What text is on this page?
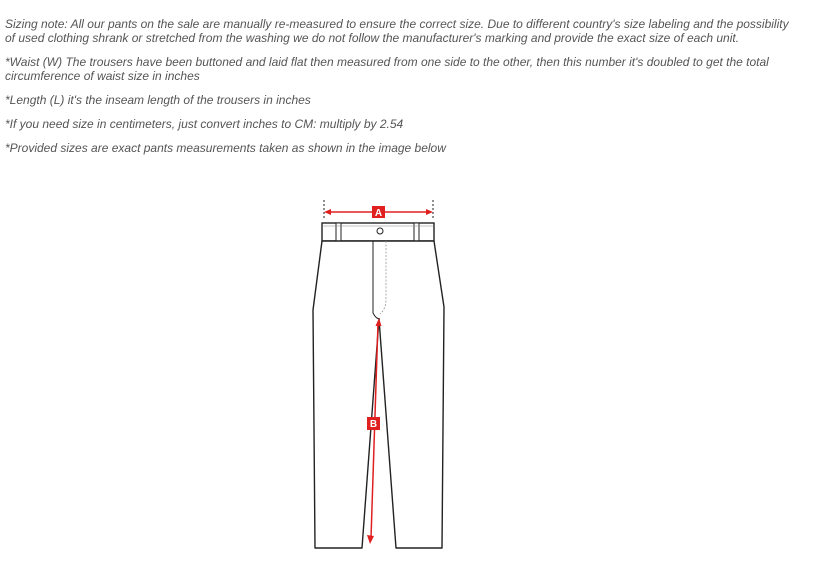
Sizing note: All our pants on the sale are manually re-measured to ensure the correct size. Due to different country's size labeling and the possibility of used clothing shrank or stretched from the washing we do not follow the manufacturer's marking and provide the exact size of each unit.

*Waist (W) The trousers have been buttoned and laid flat then measured from one side to the other, then this number it's doubled to get the total circumference of waist size in inches

*Length (L) it's the inseam length of the trousers in inches

*If you need size in centimeters, just convert inches to CM: multiply by 2.54

*Provided sizes are exact pants measurements taken as shown in the image below

A
B
